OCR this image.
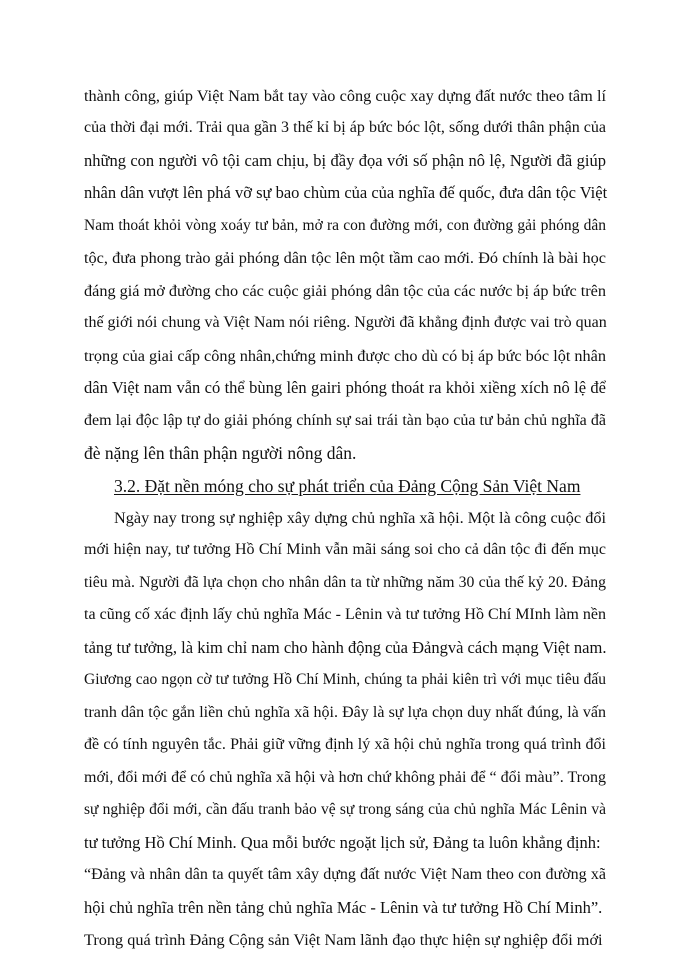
thành công, giúp Việt Nam bắt tay vào công cuộc xay dựng đất nước theo tâm lí
của thời đại mới. Trải qua gần 3 thế kỉ bị áp bức bóc lột, sống dưới thân phận của
những con người vô tội cam chịu, bị đầy đọa với số phận nô lệ, Người đã giúp
nhân dân vượt lên phá vỡ sự bao chùm của của nghĩa đế quốc, đưa dân tộc Việt
Nam thoát khỏi vòng xoáy tư bản, mở ra con đường mới, con đường gải phóng dân
tộc, đưa phong trào gải phóng dân tộc lên một tầm cao mới. Đó chính là bài học
đáng giá mở đường cho các cuộc giải phóng dân tộc của các nước bị áp bức trên
thế giới nói chung và Việt Nam nói riêng. Người đã khẳng định được vai trò quan
trọng của giai cấp công nhân,chứng minh được cho dù có bị áp bức bóc lột nhân
dân Việt nam vẫn có thể bùng lên gairi phóng thoát ra khỏi xiềng xích nô lệ để
đem lại độc lập tự do giải phóng chính sự sai trái tàn bạo của tư bản chủ nghĩa đã
đè nặng lên thân phận người nông dân.
3.2. Đặt nền móng cho sự phát triển của Đảng Cộng Sản Việt Nam
Ngày nay trong sự nghiệp xây dựng chủ nghĩa xã hội. Một là công cuộc đổi
mới hiện nay, tư tưởng Hồ Chí Minh vẫn mãi sáng soi cho cả dân tộc đi đến mục
tiêu mà. Người đã lựa chọn cho nhân dân ta từ những năm 30 của thế kỷ 20. Đảng
ta cũng cố xác định lấy chủ nghĩa Mác - Lênin và tư tưởng Hồ Chí MInh làm nền
tảng tư tưởng, là kim chỉ nam cho hành động của Đảngvà cách mạng Việt nam.
Giương cao ngọn cờ tư tưởng Hồ Chí Minh, chúng ta phải kiên trì với mục tiêu đấu
tranh dân tộc gắn liền chủ nghĩa xã hội. Đây là sự lựa chọn duy nhất đúng, là vấn
đề có tính nguyên tắc. Phải giữ vững định lý xã hội chủ nghĩa trong quá trình đổi
mới, đổi mới để có chủ nghĩa xã hội và hơn chứ không phải để “ đổi màu”. Trong
sự nghiệp đổi mới, cần đấu tranh bảo vệ sự trong sáng của chủ nghĩa Mác Lênin và
tư tưởng Hồ Chí Minh. Qua mỗi bước ngoặt lịch sử, Đảng ta luôn khẳng định:
“Đảng và nhân dân ta quyết tâm xây dựng đất nước Việt Nam theo con đường xã
hội chủ nghĩa trên nền tảng chủ nghĩa Mác - Lênin và tư tưởng Hồ Chí Minh”.
Trong quá trình Đảng Cộng sản Việt Nam lãnh đạo thực hiện sự nghiệp đổi mới
